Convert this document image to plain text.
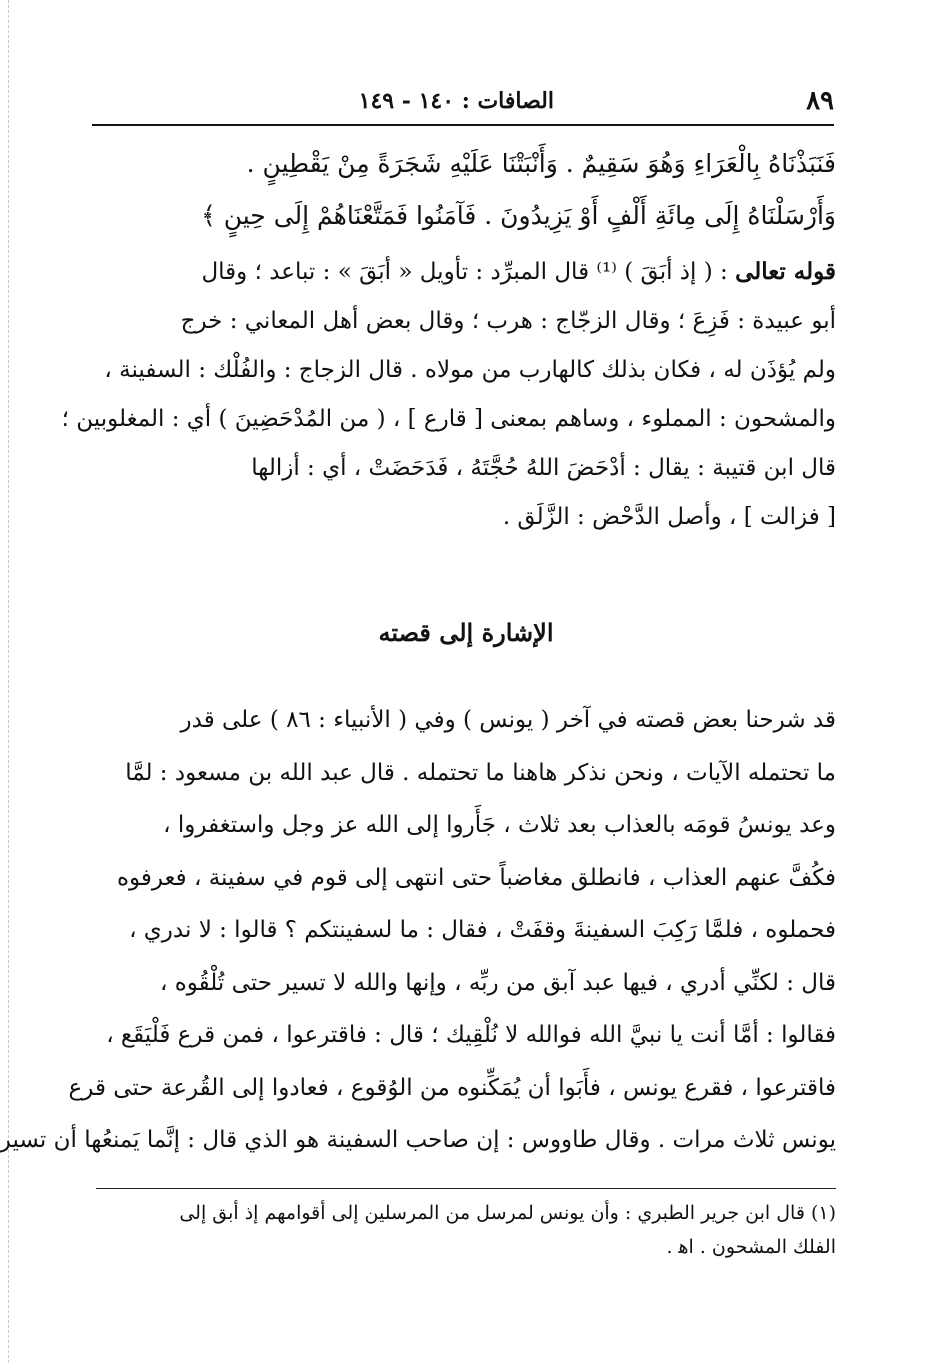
٨٩
الصافات : ١٤٠ - ١٤٩
فَنَبَذْنَاهُ بِالْعَرَاءِ وَهُوَ سَقِيمٌ . وَأَنْبَتْنَا عَلَيْهِ شَجَرَةً مِنْ يَقْطِينٍ .
وَأَرْسَلْنَاهُ إِلَى مِائَةِ أَلْفٍ أَوْ يَزِيدُونَ . فَآمَنُوا فَمَتَّعْنَاهُمْ إِلَى حِينٍ ﴾
قوله تعالى : ( إذ أبَقَ ) ⁽¹⁾ قال المبرِّد : تأويل « أبَقَ » : تباعد ؛ وقال
أبو عبيدة : فَزِعَ ؛ وقال الزجّاج : هرب ؛ وقال بعض أهل المعاني : خرج
ولم يُؤذَن له ، فكان بذلك كالهارب من مولاه . قال الزجاج : والفُلْك : السفينة ،
والمشحون : المملوء ، وساهم بمعنى [ قارع ] ، ( من المُدْحَضِينَ ) أي : المغلوبين ؛
قال ابن قتيبة : يقال : أدْحَضَ اللهُ حُجَّتَهُ ، فَدَحَضَتْ ، أي : أزالها
[ فزالت ] ، وأصل الدَّحْض : الزَّلَق .
الإشارة إلى قصته
قد شرحنا بعض قصته في آخر ( يونس ) وفي ( الأنبياء : ٨٦ ) على قدر
ما تحتمله الآيات ، ونحن نذكر هاهنا ما تحتمله . قال عبد الله بن مسعود : لمَّا
وعد يونسُ قومَه بالعذاب بعد ثلاث ، جَأَروا إلى الله عز وجل واستغفروا ،
فكُفَّ عنهم العذاب ، فانطلق مغاضباً حتى انتهى إلى قوم في سفينة ، فعرفوه
فحملوه ، فلمَّا رَكِبَ السفينةَ وقفَتْ ، فقال : ما لسفينتكم ؟ قالوا : لا ندري ،
قال : لكنِّي أدري ، فيها عبد آبق من ربِّه ، وإنها والله لا تسير حتى تُلْقُوه ،
فقالوا : أمَّا أنت يا نبيَّ الله فوالله لا نُلْقِيك ؛ قال : فاقترعوا ، فمن قرع فَلْيَقَع ،
فاقترعوا ، فقرع يونس ، فأَبَوا أن يُمَكِّنوه من الوُقوع ، فعادوا إلى القُرعة حتى قرع
يونس ثلاث مرات . وقال طاووس : إن صاحب السفينة هو الذي قال : إنَّما يَمنعُها أن تسير
(١) قال ابن جرير الطبري : وأن يونس لمرسل من المرسلين إلى أقوامهم إذ أبق إلى
الفلك المشحون . اﻫ .
